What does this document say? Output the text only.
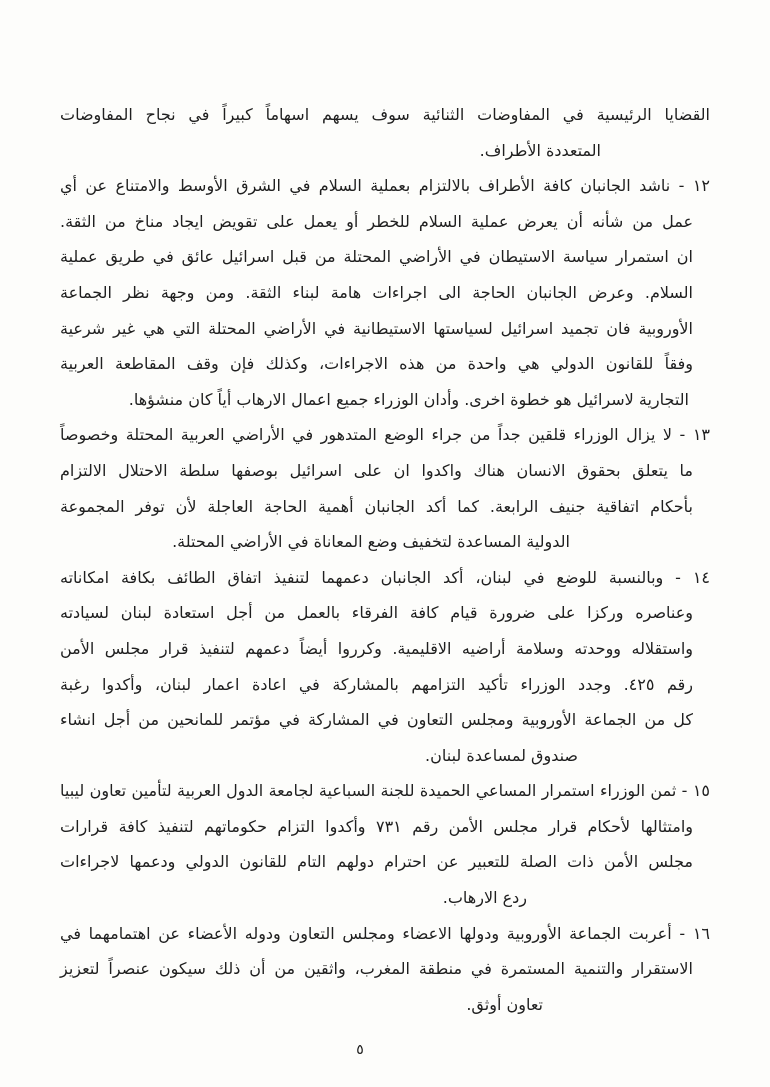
القضايا الرئيسية في المفاوضات الثنائية سوف يسهم اسهاماً كبيراً في نجاح المفاوضات
المتعددة الأطراف.
١٢ - ناشد الجانبان كافة الأطراف بالالتزام بعملية السلام في الشرق الأوسط والامتناع عن أي
عمل من شأنه أن يعرض عملية السلام للخطر أو يعمل على تقويض ايجاد مناخ من الثقة.
ان استمرار سياسة الاستيطان في الأراضي المحتلة من قبل اسرائيل عائق في طريق عملية
السلام. وعرض الجانبان الحاجة الى اجراءات هامة لبناء الثقة. ومن وجهة نظر الجماعة
الأوروبية فان تجميد اسرائيل لسياستها الاستيطانية في الأراضي المحتلة التي هي غير شرعية
وفقاً للقانون الدولي هي واحدة من هذه الاجراءات، وكذلك فإن وقف المقاطعة العربية
التجارية لاسرائيل هو خطوة اخرى. وأدان الوزراء جميع اعمال الارهاب أياً كان منشؤها.
١٣ - لا يزال الوزراء قلقين جداً من جراء الوضع المتدهور في الأراضي العربية المحتلة وخصوصاً
ما يتعلق بحقوق الانسان هناك واكدوا ان على اسرائيل بوصفها سلطة الاحتلال الالتزام
بأحكام اتفاقية جنيف الرابعة. كما أكد الجانبان أهمية الحاجة العاجلة لأن توفر المجموعة
الدولية المساعدة لتخفيف وضع المعاناة في الأراضي المحتلة.
١٤ - وبالنسبة للوضع في لبنان، أكد الجانبان دعمهما لتنفيذ اتفاق الطائف بكافة امكاناته
وعناصره وركزا على ضرورة قيام كافة الفرقاء بالعمل من أجل استعادة لبنان لسيادته
واستقلاله ووحدته وسلامة أراضيه الاقليمية. وكرروا أيضاً دعمهم لتنفيذ قرار مجلس الأمن
رقم ٤٢٥. وجدد الوزراء تأكيد التزامهم بالمشاركة في اعادة اعمار لبنان، وأكدوا رغبة
كل من الجماعة الأوروبية ومجلس التعاون في المشاركة في مؤتمر للمانحين من أجل انشاء
صندوق لمساعدة لبنان.
١٥ - ثمن الوزراء استمرار المساعي الحميدة للجنة السباعية لجامعة الدول العربية لتأمين تعاون ليبيا
وامتثالها لأحكام قرار مجلس الأمن رقم ٧٣١ وأكدوا التزام حكوماتهم لتنفيذ كافة قرارات
مجلس الأمن ذات الصلة للتعبير عن احترام دولهم التام للقانون الدولي ودعمها لاجراءات
ردع الارهاب.
١٦ - أعربت الجماعة الأوروبية ودولها الاعضاء ومجلس التعاون ودوله الأعضاء عن اهتمامهما في
الاستقرار والتنمية المستمرة في منطقة المغرب، واثقين من أن ذلك سيكون عنصراً لتعزيز
تعاون أوثق.
٥
